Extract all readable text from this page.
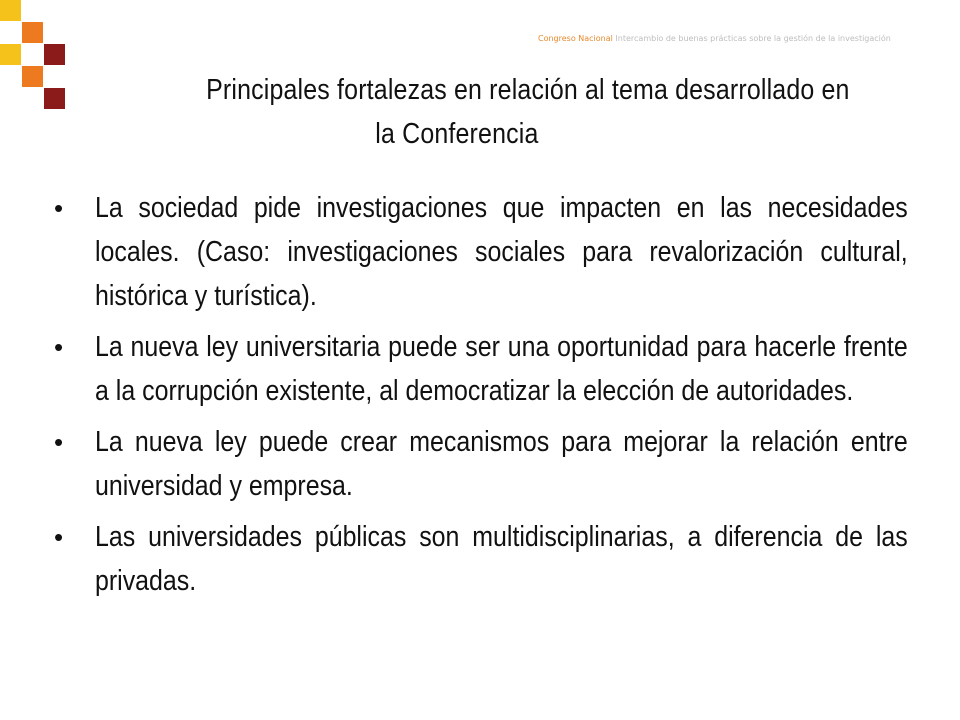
Congreso Nacional Intercambio de buenas prácticas sobre la gestión de la investigación
Principales fortalezas en relación al tema desarrollado en
la Conferencia
• La sociedad pide investigaciones que impacten en las necesidades locales. (Caso: investigaciones sociales para revalorización cultural, histórica y turística).
• La nueva ley universitaria puede ser una oportunidad para hacerle frente a la corrupción existente, al democratizar la elección de autoridades.
• La nueva ley puede crear mecanismos para mejorar la relación entre universidad y empresa.
• Las universidades públicas son multidisciplinarias, a diferencia de las privadas.
